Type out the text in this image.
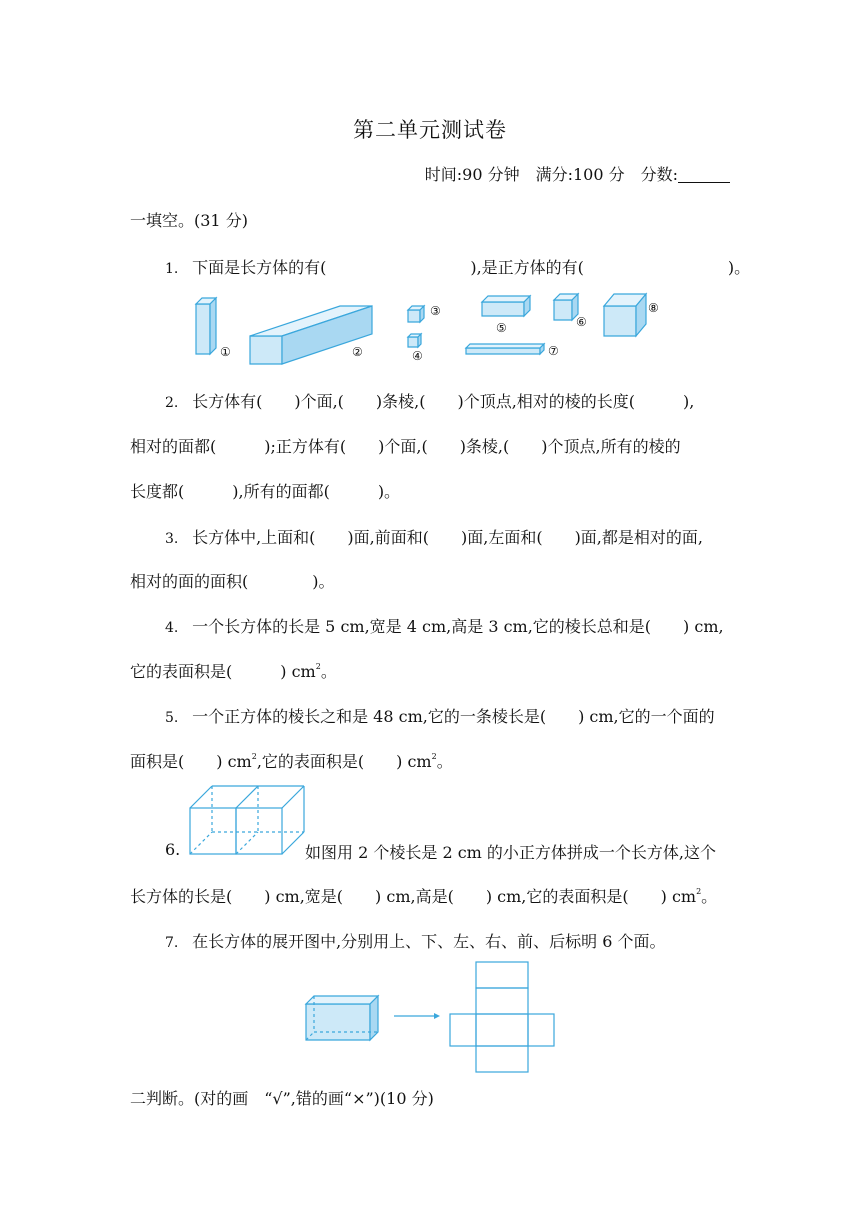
第二单元测试卷
时间:90 分钟　满分:100 分　分数:
一填空。(31 分)
1. 下面是长方体的有(　　　　　　　　　),是正方体的有(　　　　　　　　　)。
①	②
③
④
⑤	⑥
⑦
⑧
2. 长方体有(　　)个面,(　　)条棱,(　　)个顶点,相对的棱的长度(　　　),
相对的面都(　　　);正方体有(　　)个面,(　　)条棱,(　　)个顶点,所有的棱的
长度都(　　　),所有的面都(　　　)。
3. 长方体中,上面和(　　)面,前面和(　　)面,左面和(　　)面,都是相对的面,
相对的面的面积(　　　　)。
4. 一个长方体的长是 5 cm,宽是 4 cm,高是 3 cm,它的棱长总和是(　　) cm,
它的表面积是(　　　) $cm^2$。
5. 一个正方体的棱长之和是 48 cm,它的一条棱长是(　　) cm,它的一个面的
面积是(　　) $cm^2$,它的表面积是(　　) $cm^2$。
6.	如图用 2 个棱长是 2 cm 的小正方体拼成一个长方体,这个
长方体的长是(　　) cm,宽是(　　) cm,高是(　　) cm,它的表面积是(　　) $cm^2$。
7. 在长方体的展开图中,分别用上、下、左、右、前、后标明 6 个面。
二判断。(对的画　“√”,错的画“×”)(10 分)
